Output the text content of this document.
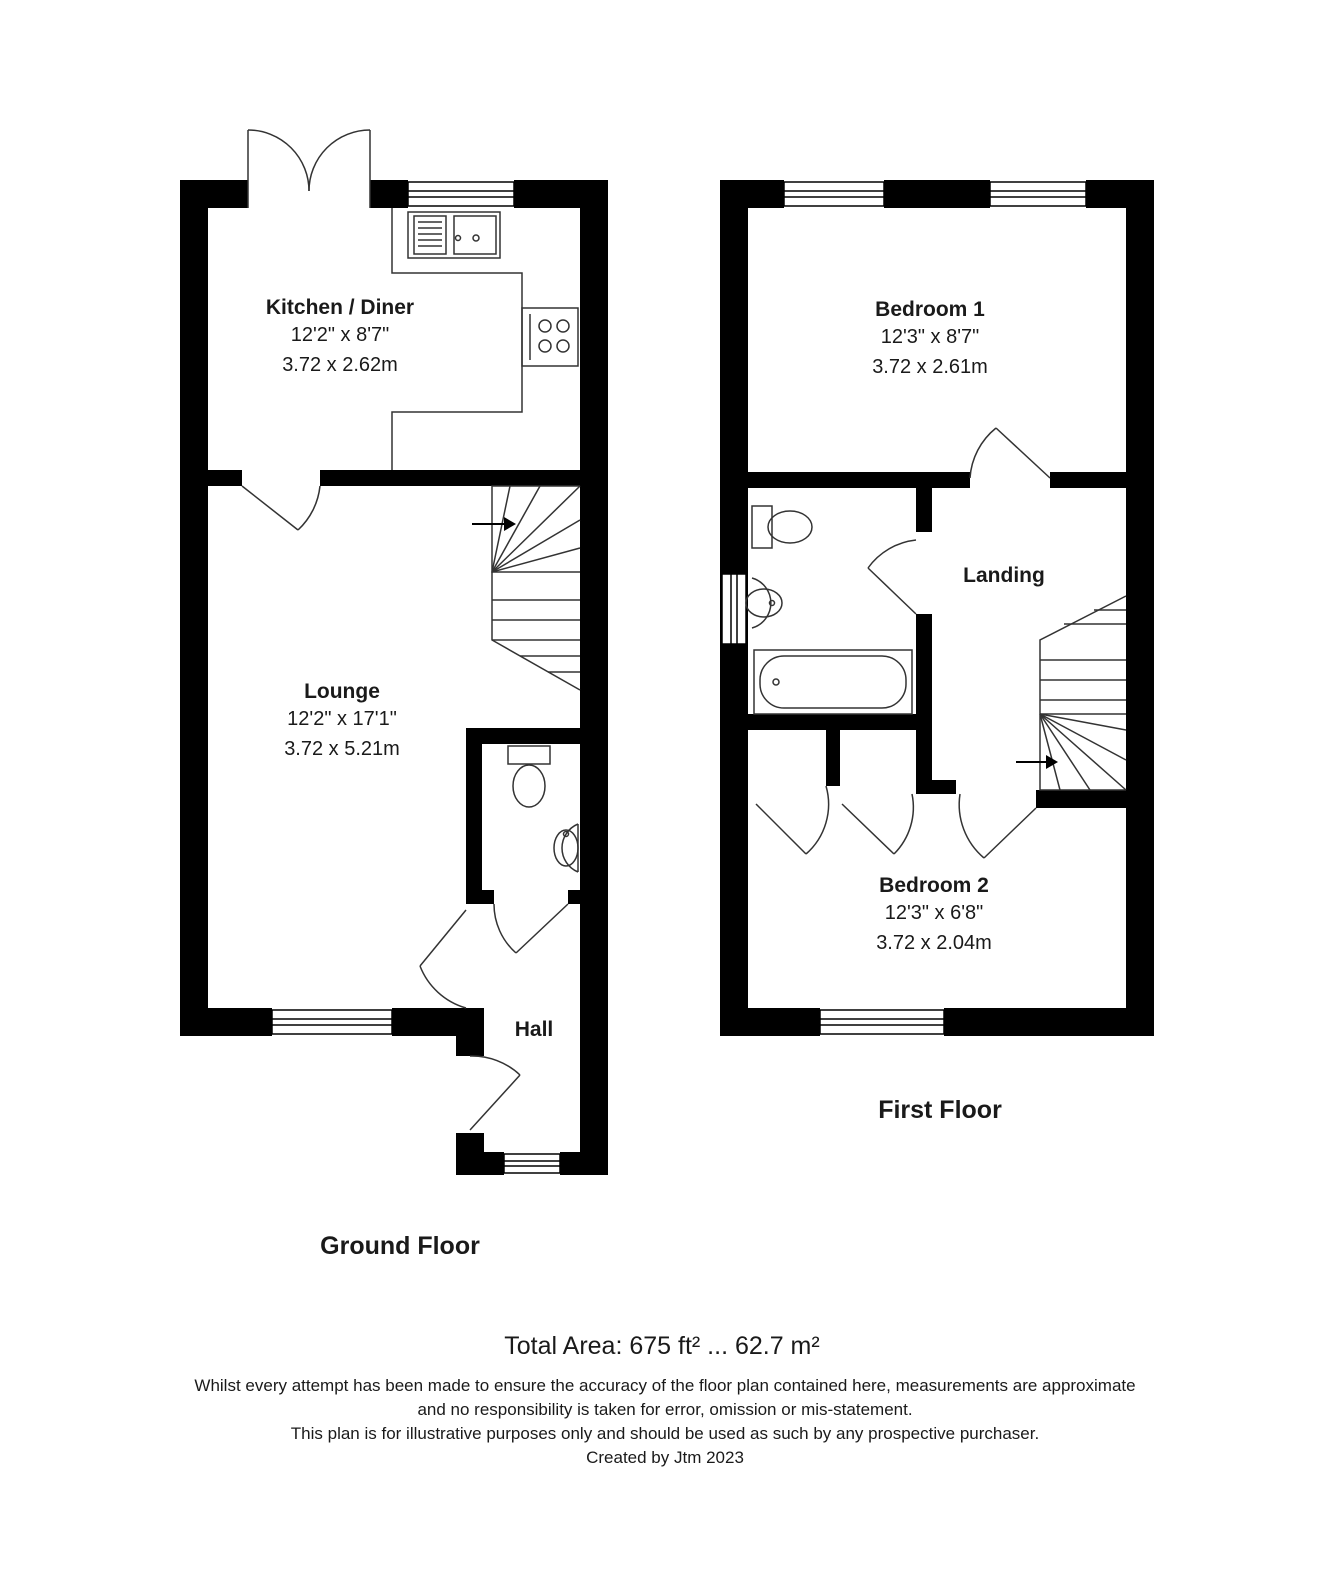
Kitchen / Diner
12'2" x 8'7"
3.72 x 2.62m
Lounge
12'2" x 17'1"
3.72 x 5.21m
Hall
Bedroom 1
12'3" x 8'7"
3.72 x 2.61m
Landing
Bedroom 2
12'3" x 6'8"
3.72 x 2.04m
Ground Floor
First Floor
Total Area: 675 ft² ... 62.7 m²
Whilst every attempt has been made to ensure the accuracy of the floor plan contained here, measurements are approximate
and no responsibility is taken for error, omission or mis-statement.
This plan is for illustrative purposes only and should be used as such by any prospective purchaser.
Created by Jtm 2023
